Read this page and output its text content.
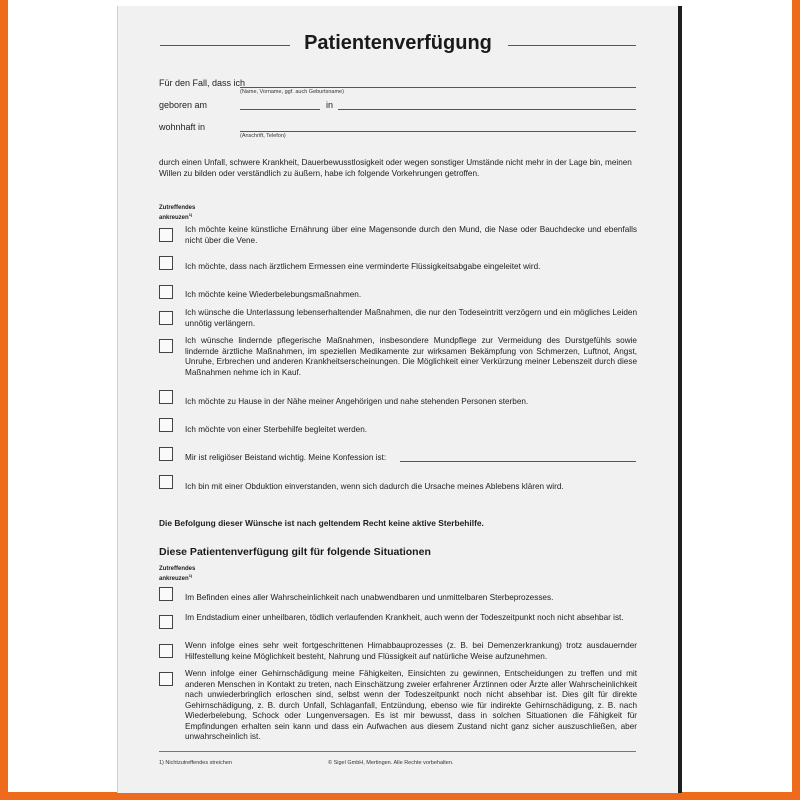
Patientenverfügung
Für den Fall, dass ich
(Name, Vorname, ggf. auch Geburtsname)
geboren am	in
wohnhaft in
(Anschrift, Telefon)
durch einen Unfall, schwere Krankheit, Dauerbewusstlosigkeit oder wegen sonstiger Umstände nicht mehr in der Lage bin, meinen Willen zu bilden oder verständlich zu äußern, habe ich folgende Vorkehrungen getroffen.
Zutreffendes
ankreuzen$^{1)}$
Ich möchte keine künstliche Ernährung über eine Magensonde durch den Mund, die Nase oder Bauchdecke und ebenfalls nicht über die Vene.
Ich möchte, dass nach ärztlichem Ermessen eine verminderte Flüssigkeitsabgabe eingeleitet wird.
Ich möchte keine Wiederbelebungsmaßnahmen.
Ich wünsche die Unterlassung lebenserhaltender Maßnahmen, die nur den Todeseintritt verzögern und ein mögliches Leiden unnötig verlängern.
Ich wünsche lindernde pflegerische Maßnahmen, insbesondere Mundpflege zur Vermeidung des Durstgefühls sowie lindernde ärztliche Maßnahmen, im speziellen Medikamente zur wirksamen Bekämpfung von Schmerzen, Luftnot, Angst, Unruhe, Erbrechen und anderen Krankheitserscheinungen. Die Möglichkeit einer Verkürzung meiner Lebenszeit durch diese Maßnahmen nehme ich in Kauf.
Ich möchte zu Hause in der Nähe meiner Angehörigen und nahe stehenden Personen sterben.
Ich möchte von einer Sterbehilfe begleitet werden.
Mir ist religiöser Beistand wichtig. Meine Konfession ist:
Ich bin mit einer Obduktion einverstanden, wenn sich dadurch die Ursache meines Ablebens klären wird.
Die Befolgung dieser Wünsche ist nach geltendem Recht keine aktive Sterbehilfe.
Diese Patientenverfügung gilt für folgende Situationen
Zutreffendes
ankreuzen$^{1)}$
Im Befinden eines aller Wahrscheinlichkeit nach unabwendbaren und unmittelbaren Sterbeprozesses.
Im Endstadium einer unheilbaren, tödlich verlaufenden Krankheit, auch wenn der Todeszeitpunkt noch nicht absehbar ist.
Wenn infolge eines sehr weit fortgeschrittenen Hirnabbauprozesses (z. B. bei Demenzerkrankung) trotz ausdauernder Hilfestellung keine Möglichkeit besteht, Nahrung und Flüssigkeit auf natürliche Weise aufzunehmen.
Wenn infolge einer Gehirnschädigung meine Fähigkeiten, Einsichten zu gewinnen, Entscheidungen zu treffen und mit anderen Menschen in Kontakt zu treten, nach Einschätzung zweier erfahrener Ärztinnen oder Ärzte aller Wahrscheinlichkeit nach unwiederbringlich erloschen sind, selbst wenn der Todeszeitpunkt noch nicht absehbar ist. Dies gilt für direkte Gehirnschädigung, z. B. durch Unfall, Schlaganfall, Entzündung, ebenso wie für indirekte Gehirnschädigung, z. B. nach Wiederbelebung, Schock oder Lungenversagen. Es ist mir bewusst, dass in solchen Situationen die Fähigkeit für Empfindungen erhalten sein kann und dass ein Aufwachen aus diesem Zustand nicht ganz sicher auszuschließen, aber unwahrscheinlich ist.
1) Nichtzutreffendes streichen	© Sigel GmbH, Mertingen. Alle Rechte vorbehalten.
